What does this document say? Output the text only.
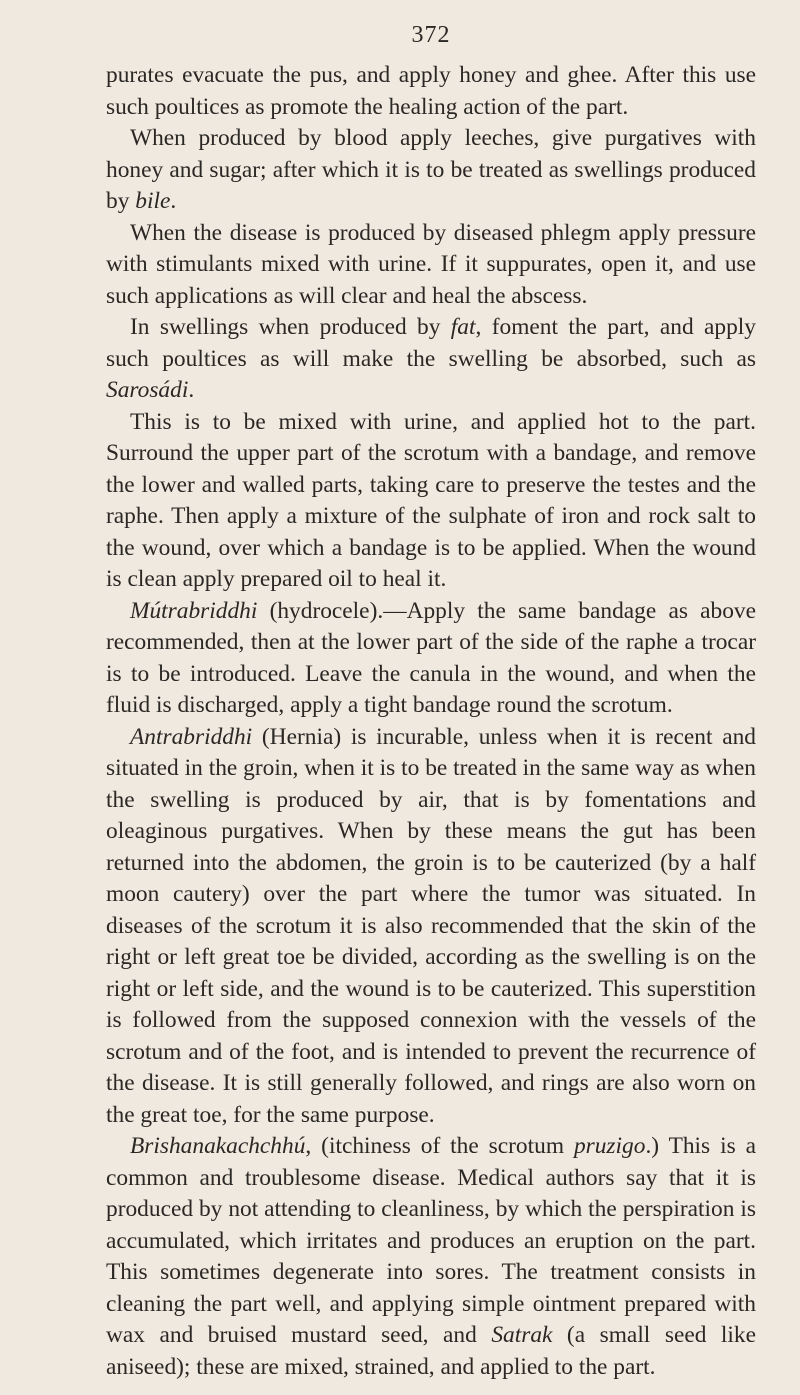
372

purates evacuate the pus, and apply honey and ghee. After this use such poultices as promote the healing action of the part.

When produced by blood apply leeches, give purgatives with honey and sugar; after which it is to be treated as swellings produced by bile.

When the disease is produced by diseased phlegm apply pressure with stimulants mixed with urine. If it suppurates, open it, and use such applications as will clear and heal the abscess.

In swellings when produced by fat, foment the part, and apply such poultices as will make the swelling be absorbed, such as Sarosádi.

This is to be mixed with urine, and applied hot to the part. Surround the upper part of the scrotum with a bandage, and remove the lower and walled parts, taking care to preserve the testes and the raphe. Then apply a mixture of the sulphate of iron and rock salt to the wound, over which a bandage is to be applied. When the wound is clean apply prepared oil to heal it.

Mútrabriddhi (hydrocele).—Apply the same bandage as above recommended, then at the lower part of the side of the raphe a trocar is to be introduced. Leave the canula in the wound, and when the fluid is discharged, apply a tight bandage round the scrotum.

Antrabriddhi (Hernia) is incurable, unless when it is recent and situated in the groin, when it is to be treated in the same way as when the swelling is produced by air, that is by fomentations and oleaginous purgatives. When by these means the gut has been returned into the abdomen, the groin is to be cauterized (by a half moon cautery) over the part where the tumor was situated. In diseases of the scrotum it is also recommended that the skin of the right or left great toe be divided, according as the swelling is on the right or left side, and the wound is to be cauterized. This superstition is followed from the supposed connexion with the vessels of the scrotum and of the foot, and is intended to prevent the recurrence of the disease. It is still generally followed, and rings are also worn on the great toe, for the same purpose.

Brishanakachchhú, (itchiness of the scrotum pruzigo.) This is a common and troublesome disease. Medical authors say that it is produced by not attending to cleanliness, by which the perspiration is accumulated, which irritates and produces an eruption on the part. This sometimes degenerate into sores. The treatment consists in cleaning the part well, and applying simple ointment prepared with wax and bruised mustard seed, and Satrak (a small seed like aniseed); these are mixed, strained, and applied to the part.
